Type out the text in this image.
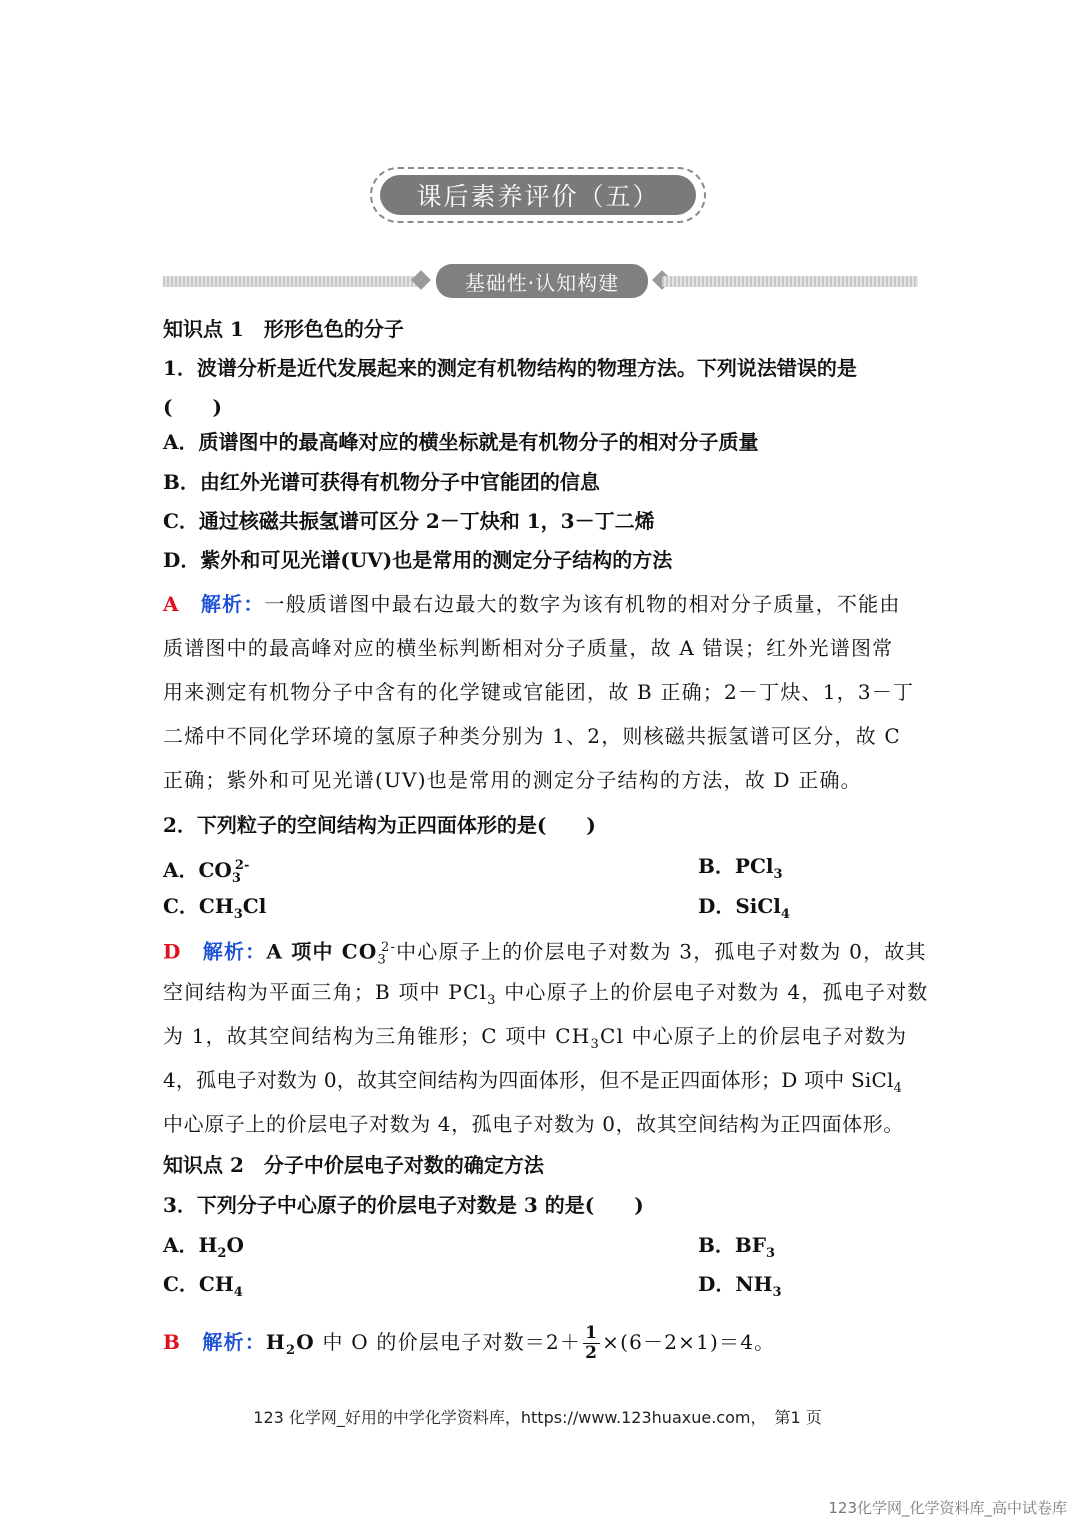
课后素养评价（五）
基础性·认知构建
知识点 1　形形色色的分子
1．波谱分析是近代发展起来的测定有机物结构的物理方法。下列说法错误的是
(　　)
A．质谱图中的最高峰对应的横坐标就是有机物分子的相对分子质量
B．由红外光谱可获得有机物分子中官能团的信息
C．通过核磁共振氢谱可区分 2－丁炔和 1，3－丁二烯
D．紫外和可见光谱(UV)也是常用的测定分子结构的方法
A　 解析：一般质谱图中最右边最大的数字为该有机物的相对分子质量，不能由
质谱图中的最高峰对应的横坐标判断相对分子质量，故 A 错误；红外光谱图常
用来测定有机物分子中含有的化学键或官能团，故 B 正确；2－丁炔、1，3－丁
二烯中不同化学环境的氢原子种类分别为 1、2，则核磁共振氢谱可区分，故 C
正确；紫外和可见光谱(UV)也是常用的测定分子结构的方法，故 D 正确。
2．下列粒子的空间结构为正四面体形的是(　　)
A．$CO_3^{2-}$	B．PCl$_3$
C．$CH_3Cl$	D．SiCl$_4$
D　 解析：A 项中 $CO_3^{2-}$中心原子上的价层电子对数为 3，孤电子对数为 0，故其
空间结构为平面三角；B 项中 PCl$_3$ 中心原子上的价层电子对数为 4，孤电子对数
为 1，故其空间结构为三角锥形；C 项中 $CH_3Cl$ 中心原子上的价层电子对数为
4，孤电子对数为 0，故其空间结构为四面体形，但不是正四面体形；D 项中 SiCl$_4$
中心原子上的价层电子对数为 4，孤电子对数为 0，故其空间结构为正四面体形。
知识点 2　分子中价层电子对数的确定方法
3．下列分子中心原子的价层电子对数是 3 的是(　　)
A．$H_2O$	B．$BF_3$
C．$CH_4$	D．$NH_3$
B　 解析：$H_2O$ 中 O 的价层电子对数$=2+ \frac{1}{2} \times(6-2\times 1)=4$。
123 化学网_好用的中学化学资料库，https://www.123huaxue.com，　第1 页
123化学网_化学资料库_高中试卷库
